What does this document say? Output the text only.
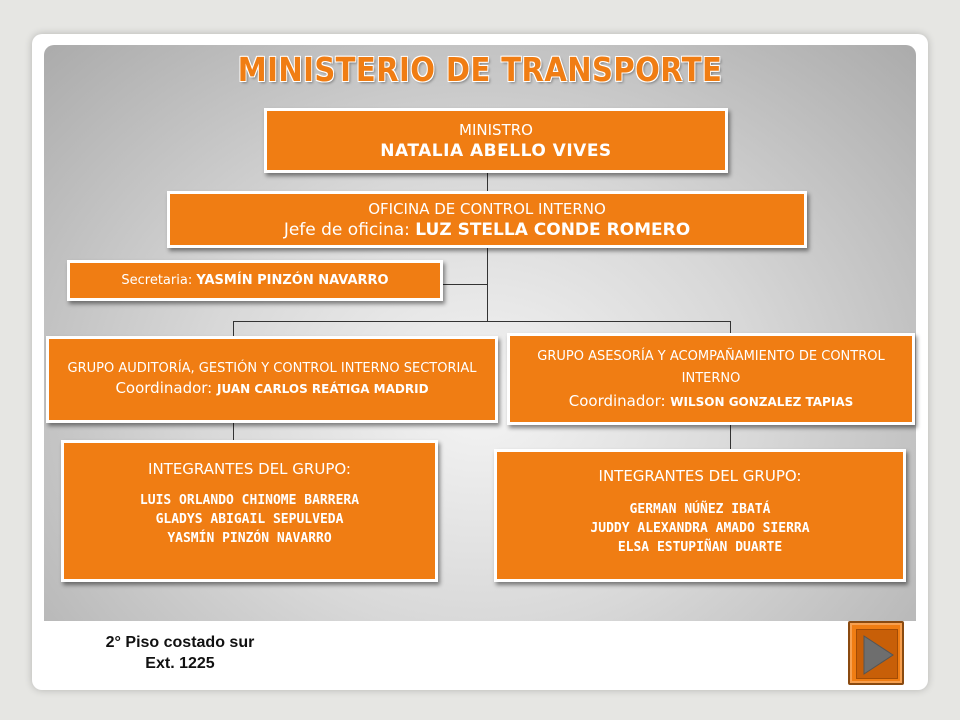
MINISTERIO DE TRANSPORTE
MINISTRO
NATALIA ABELLO VIVES
OFICINA DE CONTROL INTERNO
Jefe de oficina: LUZ STELLA CONDE ROMERO
Secretaria: YASMÍN PINZÓN NAVARRO
GRUPO AUDITORÍA, GESTIÓN Y CONTROL INTERNO SECTORIAL
Coordinador: JUAN CARLOS REÁTIGA MADRID
GRUPO ASESORÍA Y ACOMPAÑAMIENTO DE CONTROL INTERNO
Coordinador: WILSON GONZALEZ TAPIAS
INTEGRANTES DEL GRUPO:
LUIS ORLANDO CHINOME BARRERA
GLADYS ABIGAIL SEPULVEDA
YASMÍN PINZÓN NAVARRO
INTEGRANTES DEL GRUPO:
GERMAN NÚÑEZ IBATÁ
JUDDY ALEXANDRA AMADO SIERRA
ELSA ESTUPIÑAN DUARTE
2° Piso costado sur
Ext. 1225
